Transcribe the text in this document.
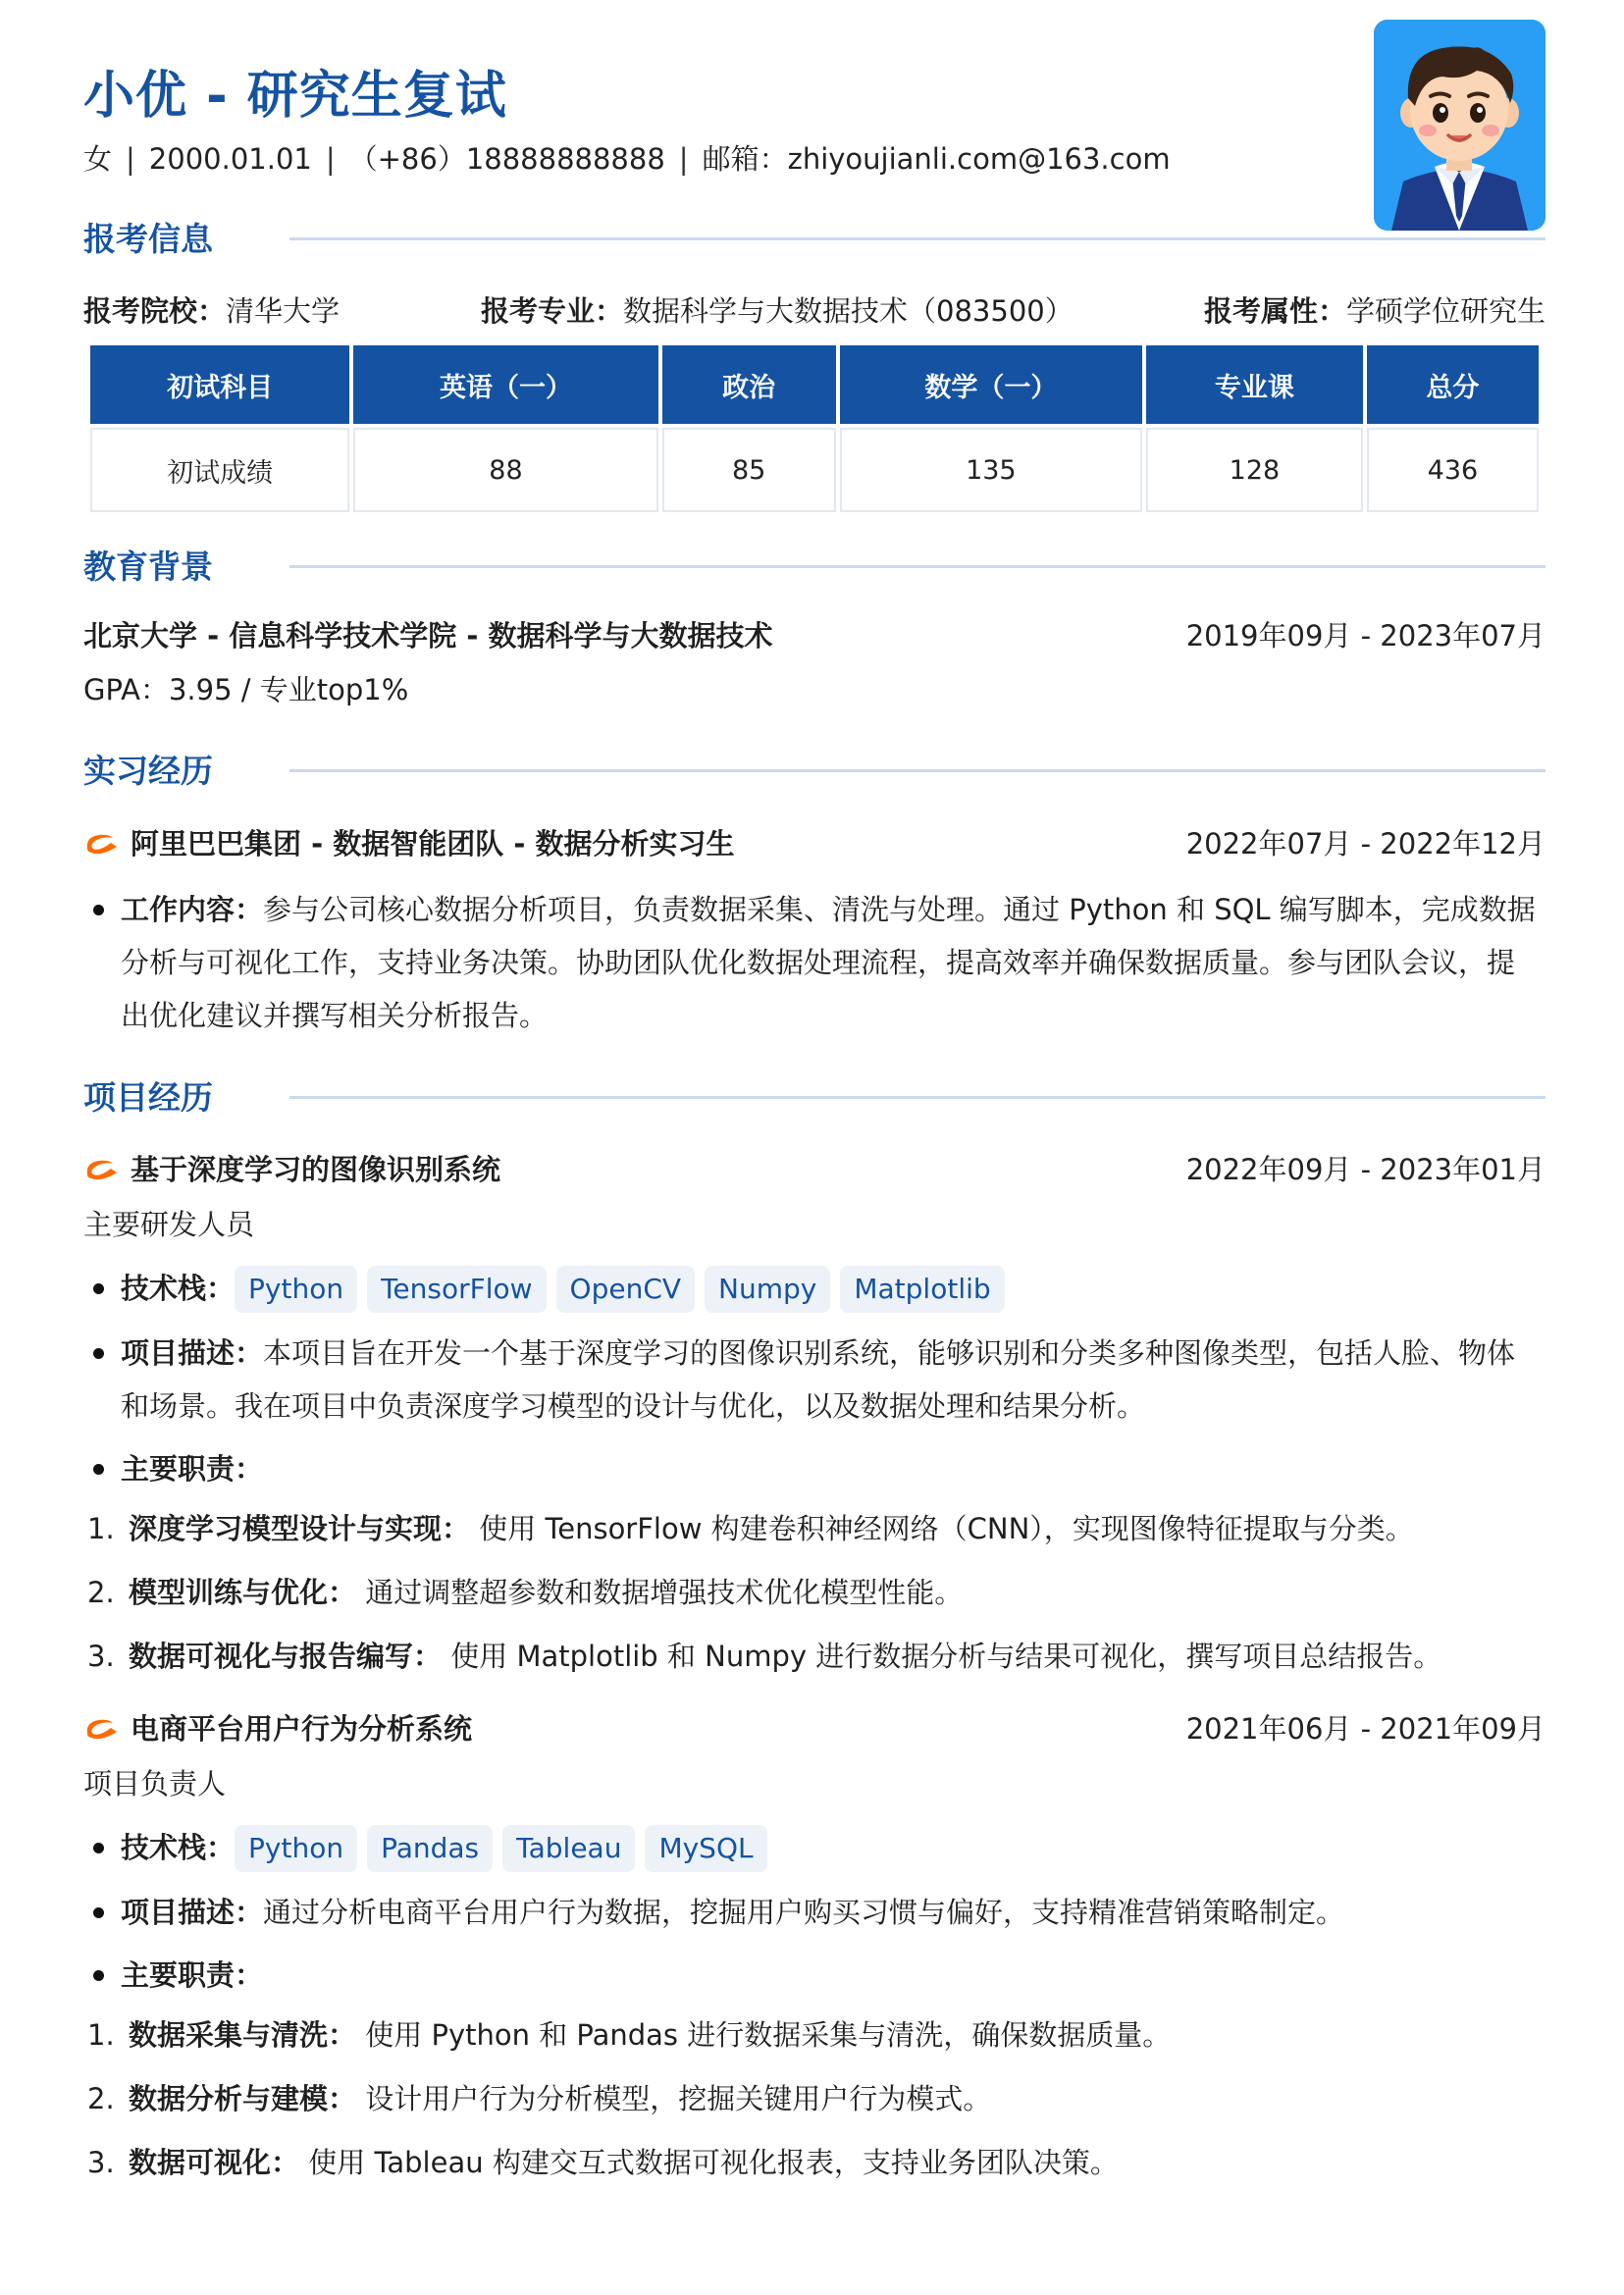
小优 - 研究生复试
女 | 2000.01.01 | （+86）18888888888 | 邮箱：zhiyoujianli.com@163.com
报考信息
报考院校：清华大学	报考专业：数据科学与大数据技术（083500）	报考属性：学硕学位研究生
初试科目	英语（一）	政治	数学（一）	专业课	总分
初试成绩	88	85	135	128	436
教育背景
北京大学 - 信息科学技术学院 - 数据科学与大数据技术	2019年09月 - 2023年07月
GPA：3.95 / 专业top1%
实习经历
阿里巴巴集团 - 数据智能团队 - 数据分析实习生	2022年07月 - 2022年12月
工作内容：参与公司核心数据分析项目，负责数据采集、清洗与处理。通过 Python 和 SQL 编写脚本，完成数据
分析与可视化工作，支持业务决策。协助团队优化数据处理流程，提高效率并确保数据质量。参与团队会议，提
出优化建议并撰写相关分析报告。
项目经历
基于深度学习的图像识别系统	2022年09月 - 2023年01月
主要研发人员
技术栈： Python TensorFlow OpenCV Numpy Matplotlib
项目描述：本项目旨在开发一个基于深度学习的图像识别系统，能够识别和分类多种图像类型，包括人脸、物体
和场景。我在项目中负责深度学习模型的设计与优化，以及数据处理和结果分析。
主要职责：
1. 深度学习模型设计与实现： 使用 TensorFlow 构建卷积神经网络（CNN），实现图像特征提取与分类。
2. 模型训练与优化： 通过调整超参数和数据增强技术优化模型性能。
3. 数据可视化与报告编写： 使用 Matplotlib 和 Numpy 进行数据分析与结果可视化，撰写项目总结报告。
电商平台用户行为分析系统	2021年06月 - 2021年09月
项目负责人
技术栈： Python Pandas Tableau MySQL
项目描述：通过分析电商平台用户行为数据，挖掘用户购买习惯与偏好，支持精准营销策略制定。
主要职责：
1. 数据采集与清洗： 使用 Python 和 Pandas 进行数据采集与清洗，确保数据质量。
2. 数据分析与建模： 设计用户行为分析模型，挖掘关键用户行为模式。
3. 数据可视化： 使用 Tableau 构建交互式数据可视化报表，支持业务团队决策。
